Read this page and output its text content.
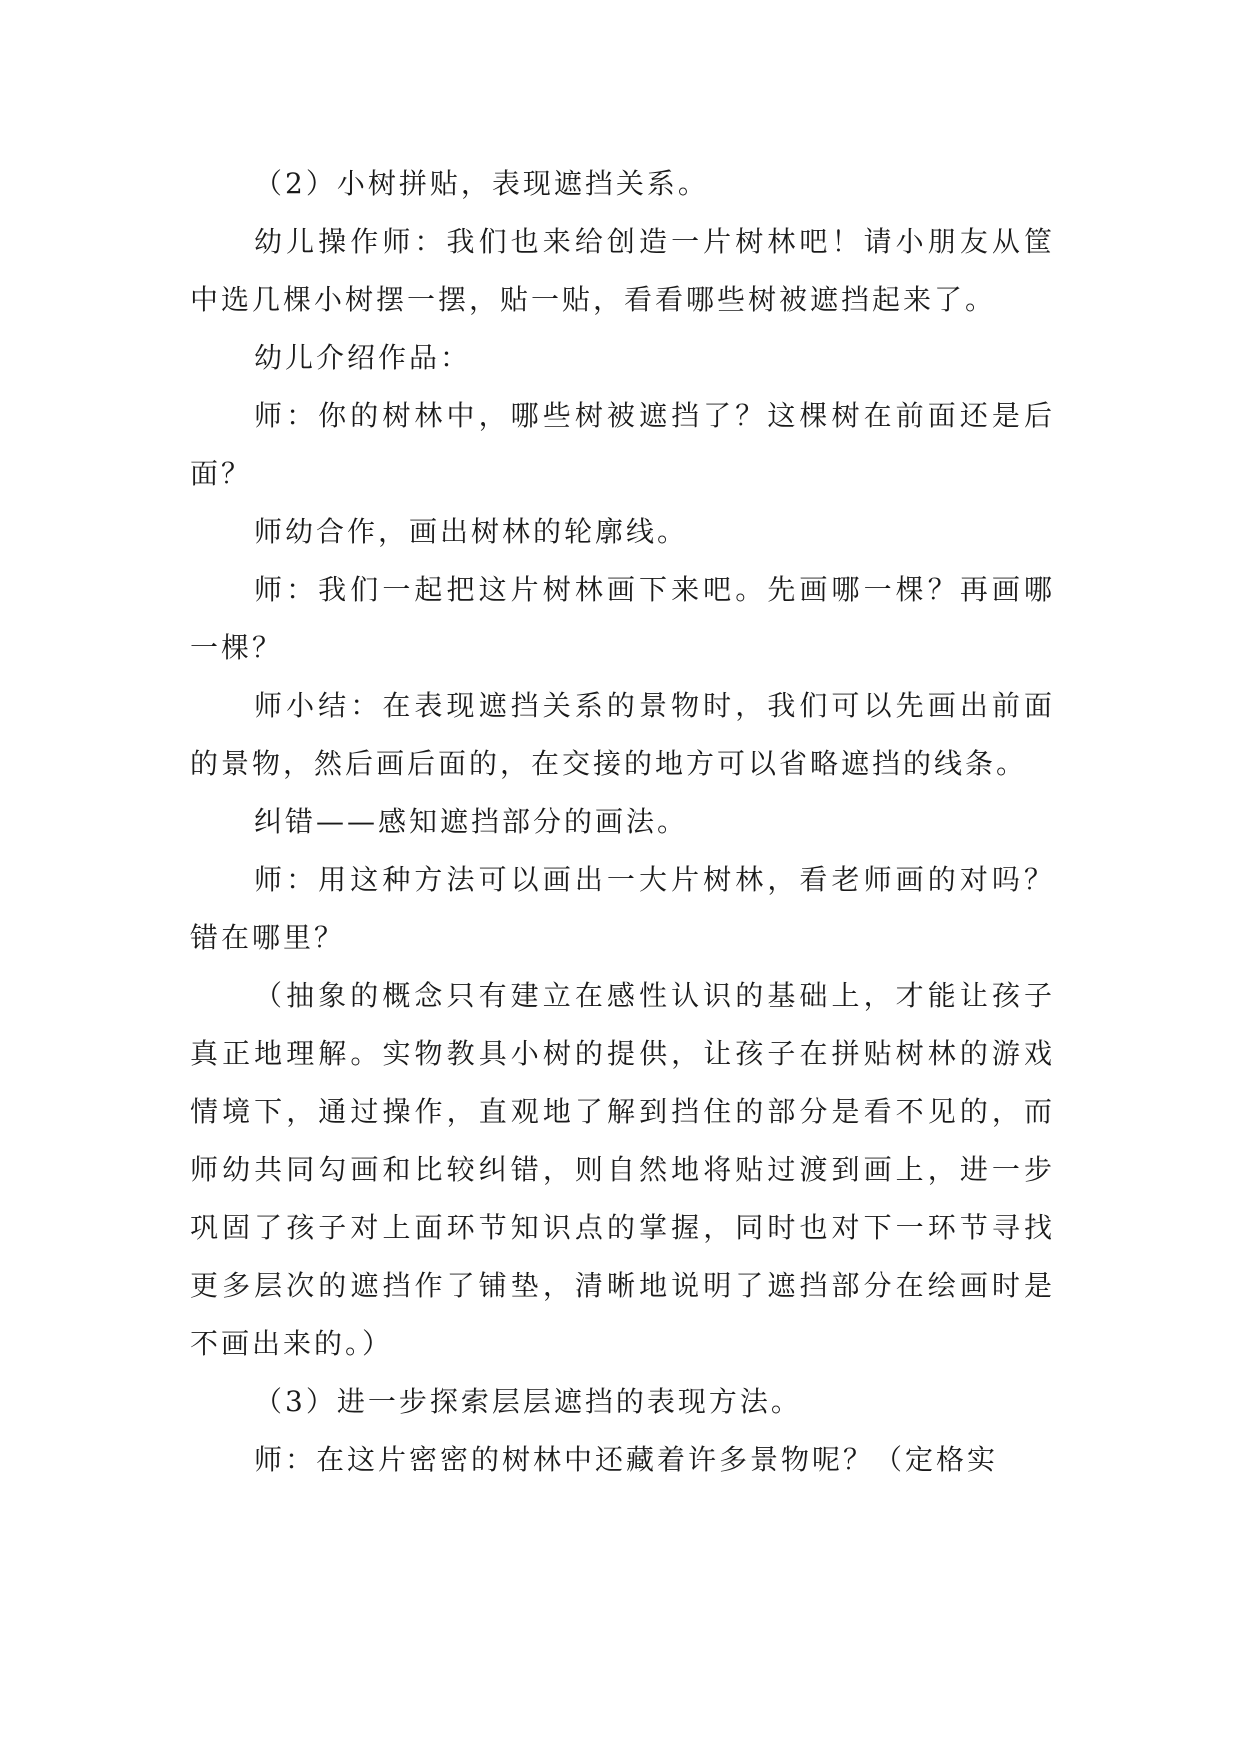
（2）小树拼贴，表现遮挡关系。

幼儿操作师：我们也来给创造一片树林吧！请小朋友从筐中选几棵小树摆一摆，贴一贴，看看哪些树被遮挡起来了。

幼儿介绍作品：

师：你的树林中，哪些树被遮挡了？这棵树在前面还是后面？

师幼合作，画出树林的轮廓线。

师：我们一起把这片树林画下来吧。先画哪一棵？再画哪一棵？

师小结：在表现遮挡关系的景物时，我们可以先画出前面的景物，然后画后面的，在交接的地方可以省略遮挡的线条。

纠错——感知遮挡部分的画法。

师：用这种方法可以画出一大片树林，看老师画的对吗？错在哪里？

（抽象的概念只有建立在感性认识的基础上，才能让孩子真正地理解。实物教具小树的提供，让孩子在拼贴树林的游戏情境下，通过操作，直观地了解到挡住的部分是看不见的，而师幼共同勾画和比较纠错，则自然地将贴过渡到画上，进一步巩固了孩子对上面环节知识点的掌握，同时也对下一环节寻找更多层次的遮挡作了铺垫，清晰地说明了遮挡部分在绘画时是不画出来的。）

（3）进一步探索层层遮挡的表现方法。

师：在这片密密的树林中还藏着许多景物呢？（定格实
